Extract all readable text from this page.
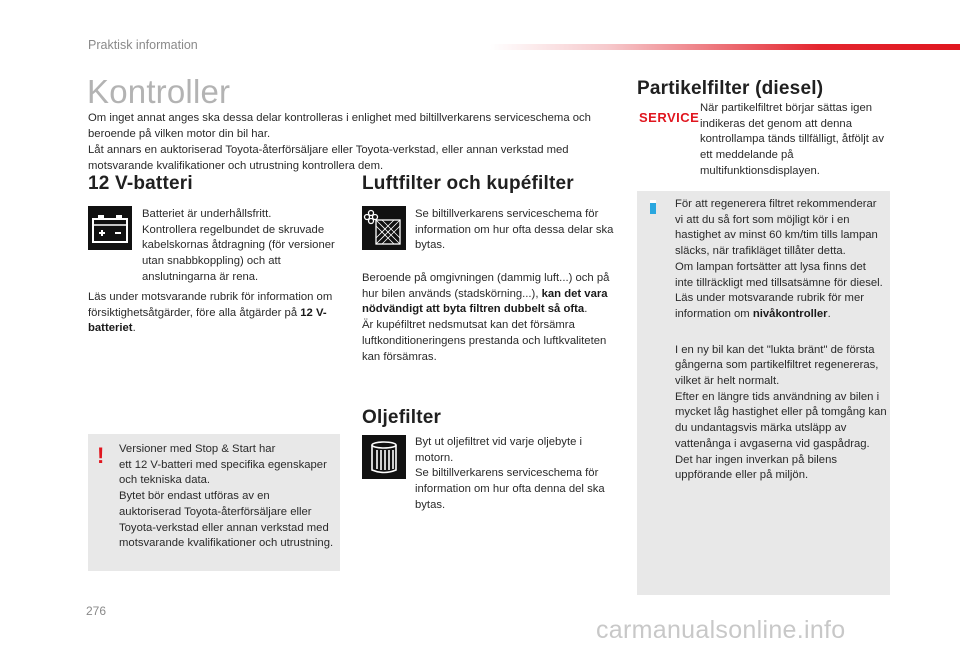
Praktisk information
Kontroller

Om inget annat anges ska dessa delar kontrolleras i enlighet med biltillverkarens serviceschema och beroende på vilken motor din bil har.

Låt annars en auktoriserad Toyota-återförsäljare eller Toyota-verkstad, eller annan verkstad med motsvarande kvalifikationer och utrustning kontrollera dem.

12 V-batteri

Batteriet är underhållsfritt.

Kontrollera regelbundet de skruvade kabelskornas åtdragning (för versioner utan snabbkoppling) och att anslutningarna är rena.

Läs under motsvarande rubrik för information om försiktighetsåtgärder, före alla åtgärder på 12 V-batteriet.

! Versioner med Stop & Start har

ett 12 V-batteri med specifika egenskaper och tekniska data.

Bytet bör endast utföras av en auktoriserad Toyota-återförsäljare eller Toyota-verkstad eller annan verkstad med motsvarande kvalifikationer och utrustning.

Luftfilter och kupéfilter
Se biltillverkarens serviceschema för information om hur ofta dessa delar ska bytas.

Beroende på omgivningen (dammig luft...) och på hur bilen används (stadskörning...), kan det vara nödvändigt att byta filtren dubbelt så ofta.

Är kupéfiltret nedsmutsat kan det försämra luftkonditioneringens prestanda och luftkvaliteten kan försämras.

Oljefilter

Byt ut oljefiltret vid varje oljebyte i motorn.

Se biltillverkarens serviceschema för information om hur ofta denna del ska bytas.

Partikelfilter (diesel)
SERVICE
När partikelfiltret börjar sättas igen indikeras det genom att denna kontrollampa tänds tillfälligt, åtföljt av ett meddelande på multifunktionsdisplayen.

För att regenerera filtret rekommenderar vi att du så fort som möjligt kör i en hastighet av minst 60 km/tim tills lampan släcks, när trafikläget tillåter detta.

Om lampan fortsätter att lysa finns det inte tillräckligt med tillsatsämne för diesel.

Läs under motsvarande rubrik för mer information om nivåkontroller.

I en ny bil kan det "lukta bränt" de första gångerna som partikelfiltret regenereras, vilket är helt normalt.

Efter en längre tids användning av bilen i mycket låg hastighet eller på tomgång kan du undantagsvis märka utsläpp av vattenånga i avgaserna vid gaspådrag. Det har ingen inverkan på bilens uppförande eller på miljön.

276
carmanualsonline.info
